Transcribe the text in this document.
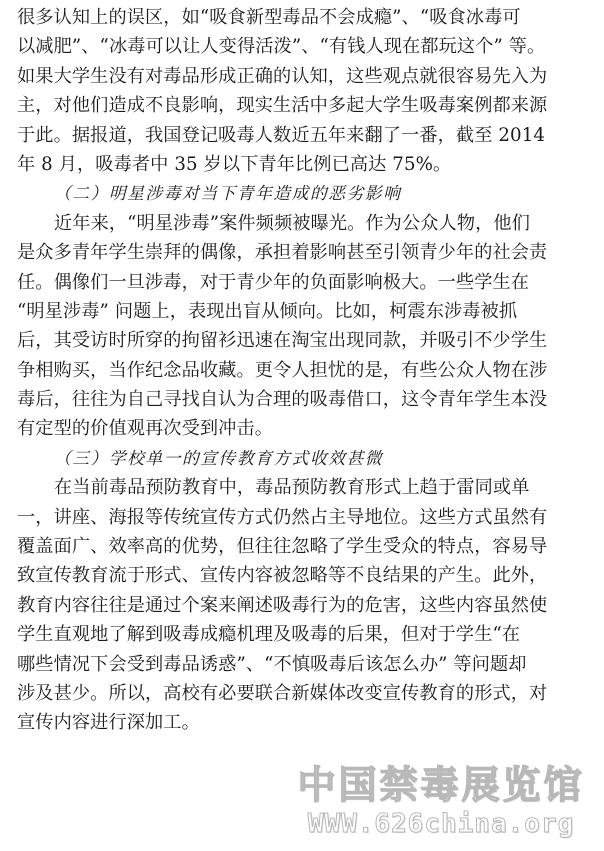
很多认知上的误区，如“吸食新型毒品不会成瘾”、“吸食冰毒可
以减肥”、“冰毒可以让人变得活泼”、“有钱人现在都玩这个” 等。
如果大学生没有对毒品形成正确的认知，这些观点就很容易先入为
主，对他们造成不良影响，现实生活中多起大学生吸毒案例都来源
于此。据报道，我国登记吸毒人数近五年来翻了一番，截至 2014
年 8 月，吸毒者中 35 岁以下青年比例已高达 75%。
（二）明星涉毒对当下青年造成的恶劣影响
近年来，“明星涉毒”案件频频被曝光。作为公众人物，他们
是众多青年学生崇拜的偶像，承担着影响甚至引领青少年的社会责
任。偶像们一旦涉毒，对于青少年的负面影响极大。一些学生在
“明星涉毒” 问题上，表现出盲从倾向。比如，柯震东涉毒被抓
后，其受访时所穿的拘留衫迅速在淘宝出现同款，并吸引不少学生
争相购买，当作纪念品收藏。更令人担忧的是，有些公众人物在涉
毒后，往往为自己寻找自认为合理的吸毒借口，这令青年学生本没
有定型的价值观再次受到冲击。
（三）学校单一的宣传教育方式收效甚微
在当前毒品预防教育中，毒品预防教育形式上趋于雷同或单
一，讲座、海报等传统宣传方式仍然占主导地位。这些方式虽然有
覆盖面广、效率高的优势，但往往忽略了学生受众的特点，容易导
致宣传教育流于形式、宣传内容被忽略等不良结果的产生。此外，
教育内容往往是通过个案来阐述吸毒行为的危害，这些内容虽然使
学生直观地了解到吸毒成瘾机理及吸毒的后果，但对于学生“在
哪些情况下会受到毒品诱惑”、“不慎吸毒后该怎么办” 等问题却
涉及甚少。所以，高校有必要联合新媒体改变宣传教育的形式，对
宣传内容进行深加工。
中国禁毒展览馆
WWW.626china.org
